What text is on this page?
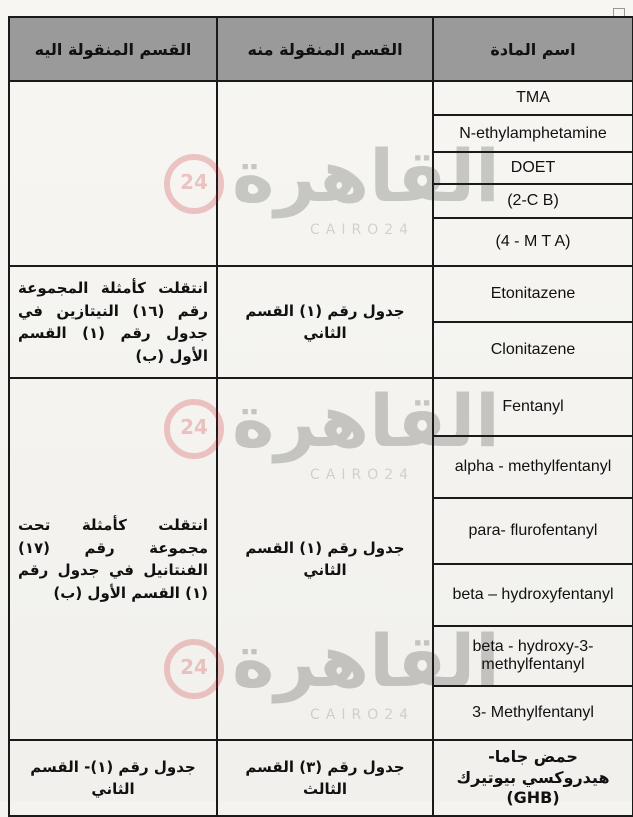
القسم المنقولة اليه	القسم المنقولة منه	اسم المادة
		TMA
		N-ethylamphetamine
		DOET
		(2-C B)
		(4 - M T A)
انتقلت كأمثلة المجموعة رقم (١٦) النيتازين في جدول رقم (١) القسم الأول (ب)	جدول رقم (١) القسم الثاني	Etonitazene
		Clonitazene
انتقلت كأمثلة تحت مجموعة رقم (١٧) الفنتانيل في جدول رقم (١) القسم الأول (ب)	جدول رقم (١) القسم الثاني	Fentanyl
		alpha - methylfentanyl
		para- flurofentanyl
		beta – hydroxyfentanyl
		beta - hydroxy-3- methylfentanyl
		3- Methylfentanyl
جدول رقم (١)- القسم الثاني	جدول رقم (٣) القسم الثالث	حمض جاما- هيدروكسي بيوتيرك (GHB)
24 القاهرة
CAIRO24
24 القاهرة
CAIRO24
24 القاهرة
CAIRO24
